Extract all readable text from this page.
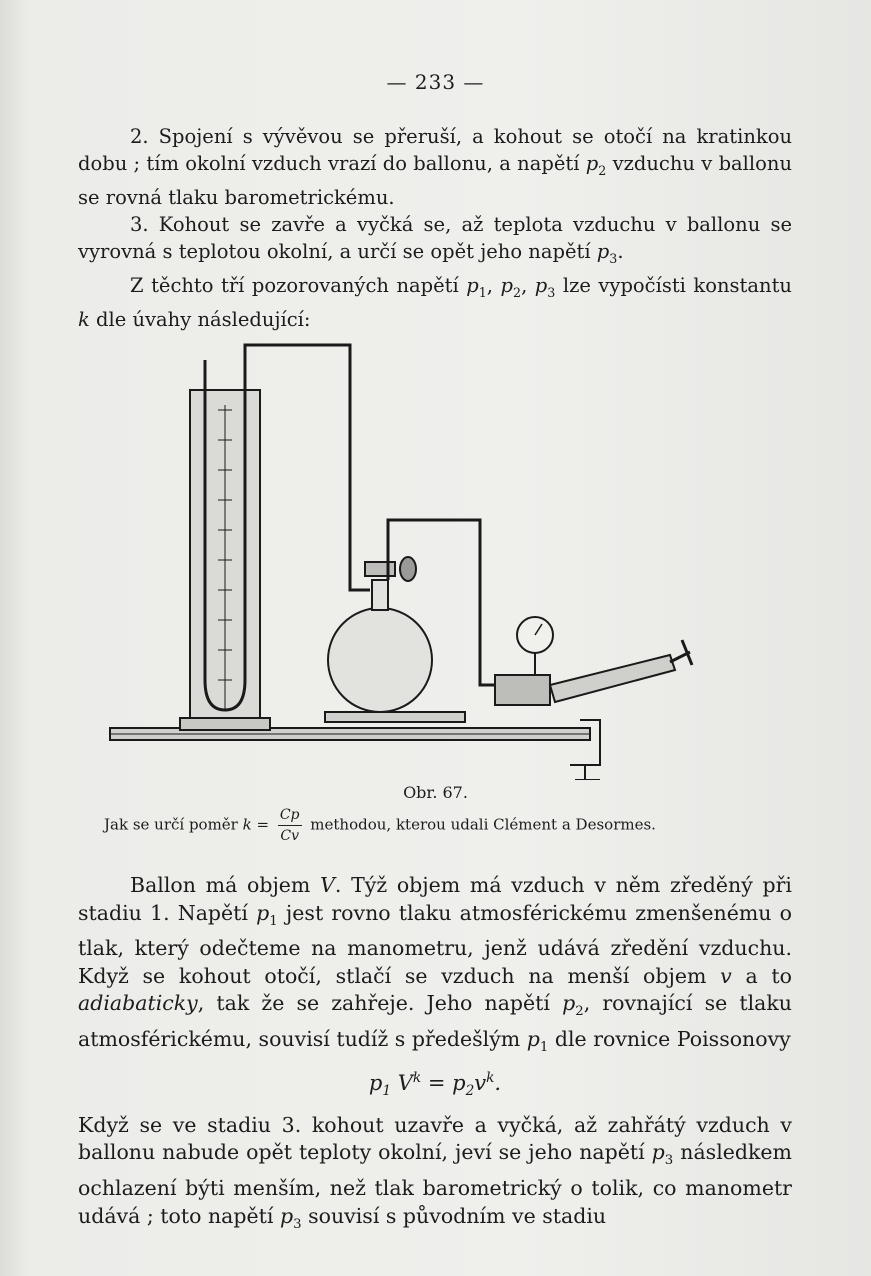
— 233 —

2. Spojení s vývěvou se přeruší, a kohout se otočí na kratinkou dobu ; tím okolní vzduch vrazí do ballonu, a napětí $p_2$ vzduchu v ballonu se rovná tlaku barometrickému.

3. Kohout se zavře a vyčká se, až teplota vzduchu v ballonu se vyrovná s teplotou okolní, a určí se opět jeho napětí $p_3$.

Z těchto tří pozorovaných napětí $p_1$, $p_2$, $p_3$ lze vypočísti konstantu k dle úvahy následující:

Obr. 67.
Jak se určí poměr $k = \frac{Cp}{Cv}$ methodou, kterou udali Clément a Desormes.

Ballon má objem V. Týž objem má vzduch v něm zředěný při stadiu 1. Napětí $p_1$ jest rovno tlaku atmosférickému zmenšenému o tlak, který odečteme na manometru, jenž udává zředění vzduchu. Když se kohout otočí, stlačí se vzduch na menší objem v a to adiabaticky, tak že se zahřeje. Jeho napětí $p_2$, rovnající se tlaku atmosférickému, souvisí tudíž s předešlým $p_1$ dle rovnice Poissonovy

$p_1$ $V^k = p_2v^k$.

Když se ve stadiu 3. kohout uzavře a vyčká, až zahřátý vzduch v ballonu nabude opět teploty okolní, jeví se jeho napětí $p_3$ následkem ochlazení býti menším, než tlak barometrický o tolik, co manometr udává ; toto napětí $p_3$ souvisí s původním ve stadiu
